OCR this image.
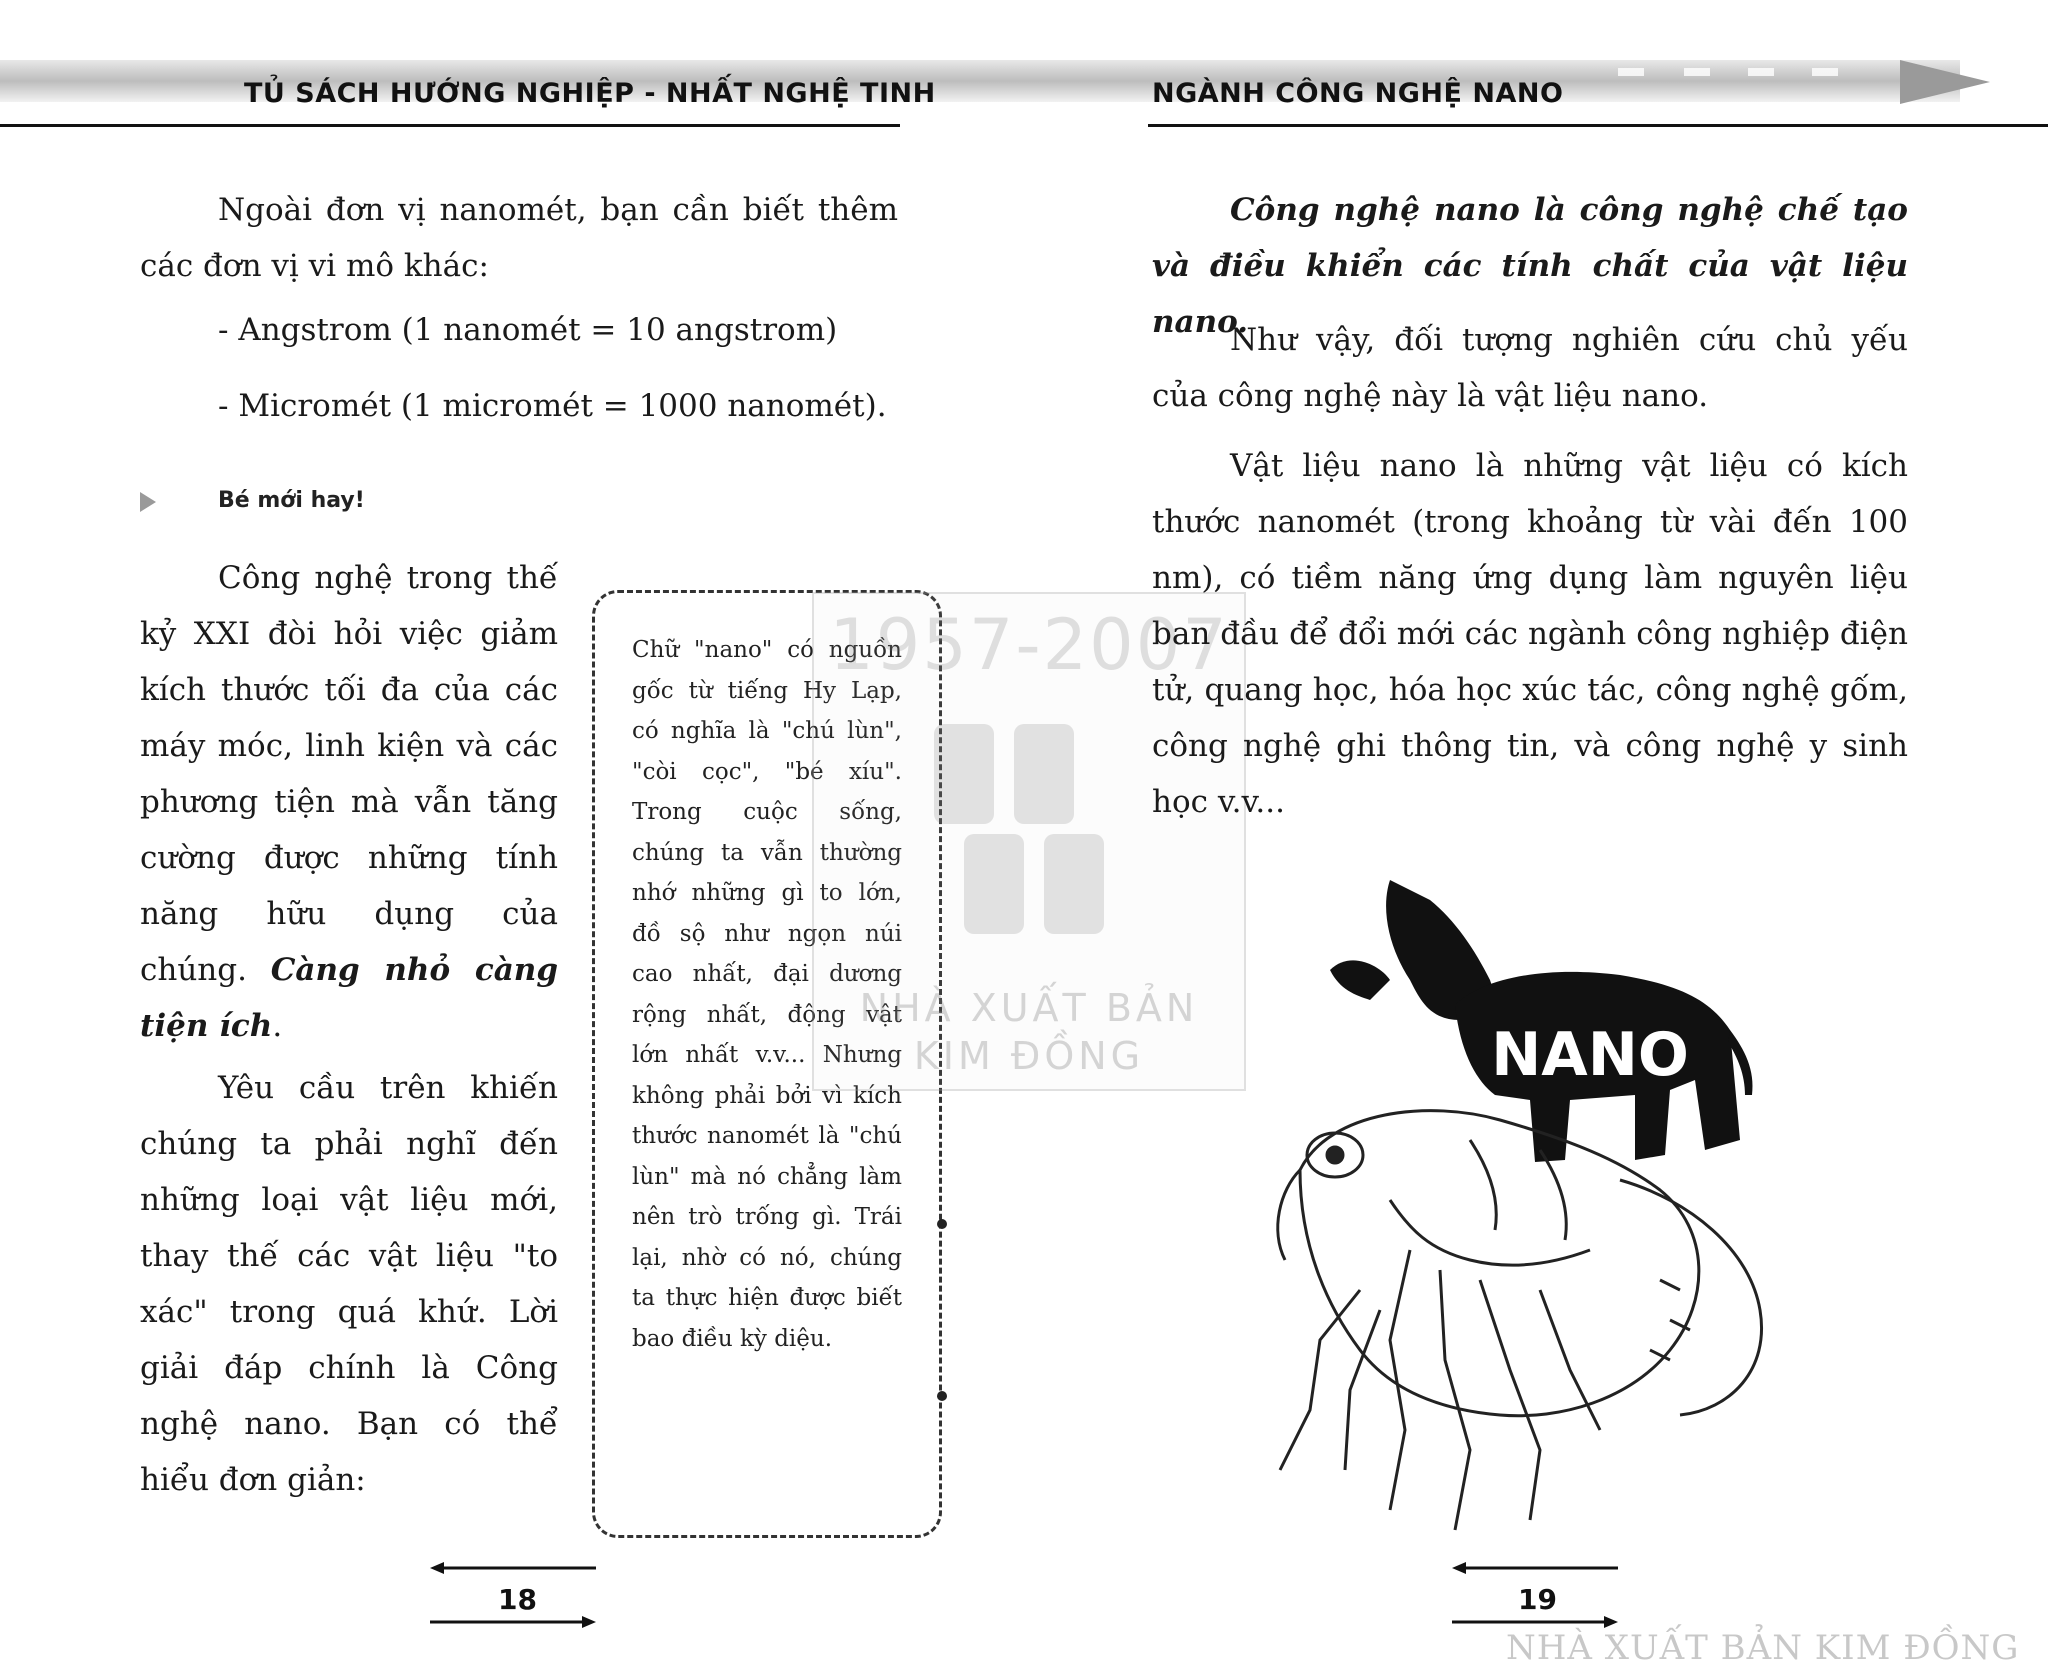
TỦ SÁCH HƯỚNG NGHIỆP - NHẤT NGHỆ TINH	NGÀNH CÔNG NGHỆ NANO

Ngoài đơn vị nanomét, bạn cần biết thêm các đơn vị vi mô khác:

- Angstrom (1 nanomét = 10 angstrom)
- Micromét (1 micromét = 1000 nanomét).
Bé mới hay!

Công nghệ trong thế kỷ XXI đòi hỏi việc giảm kích thước tối đa của các máy móc, linh kiện và các phương tiện mà vẫn tăng cường được những tính năng hữu dụng của chúng. Càng nhỏ càng tiện ích.

Yêu cầu trên khiến chúng ta phải nghĩ đến những loại vật liệu mới, thay thế các vật liệu "to xác" trong quá khứ. Lời giải đáp chính là Công nghệ nano. Bạn có thể hiểu đơn giản:

Chữ "nano" có nguồn gốc từ tiếng Hy Lạp, có nghĩa là "chú lùn", "còi cọc", "bé xíu". Trong cuộc sống, chúng ta vẫn thường nhớ những gì to lớn, đồ sộ như ngọn núi cao nhất, đại dương rộng nhất, động vật lớn nhất v.v... Nhưng không phải bởi vì kích thước nanomét là "chú lùn" mà nó chẳng làm nên trò trống gì. Trái lại, nhờ có nó, chúng ta thực hiện được biết bao điều kỳ diệu.
1957-2007
NHÀ XUẤT BẢN
KIM ĐỒNG
18

Công nghệ nano là công nghệ chế tạo và điều khiển các tính chất của vật liệu nano.

Như vậy, đối tượng nghiên cứu chủ yếu của công nghệ này là vật liệu nano.

Vật liệu nano là những vật liệu có kích thước nanomét (trong khoảng từ vài đến 100 nm), có tiềm năng ứng dụng làm nguyên liệu ban đầu để đổi mới các ngành công nghiệp điện tử, quang học, hóa học xúc tác, công nghệ gốm, công nghệ ghi thông tin, và công nghệ y sinh học v.v...

NANO
19
NHÀ XUẤT BẢN KIM ĐỒNG
